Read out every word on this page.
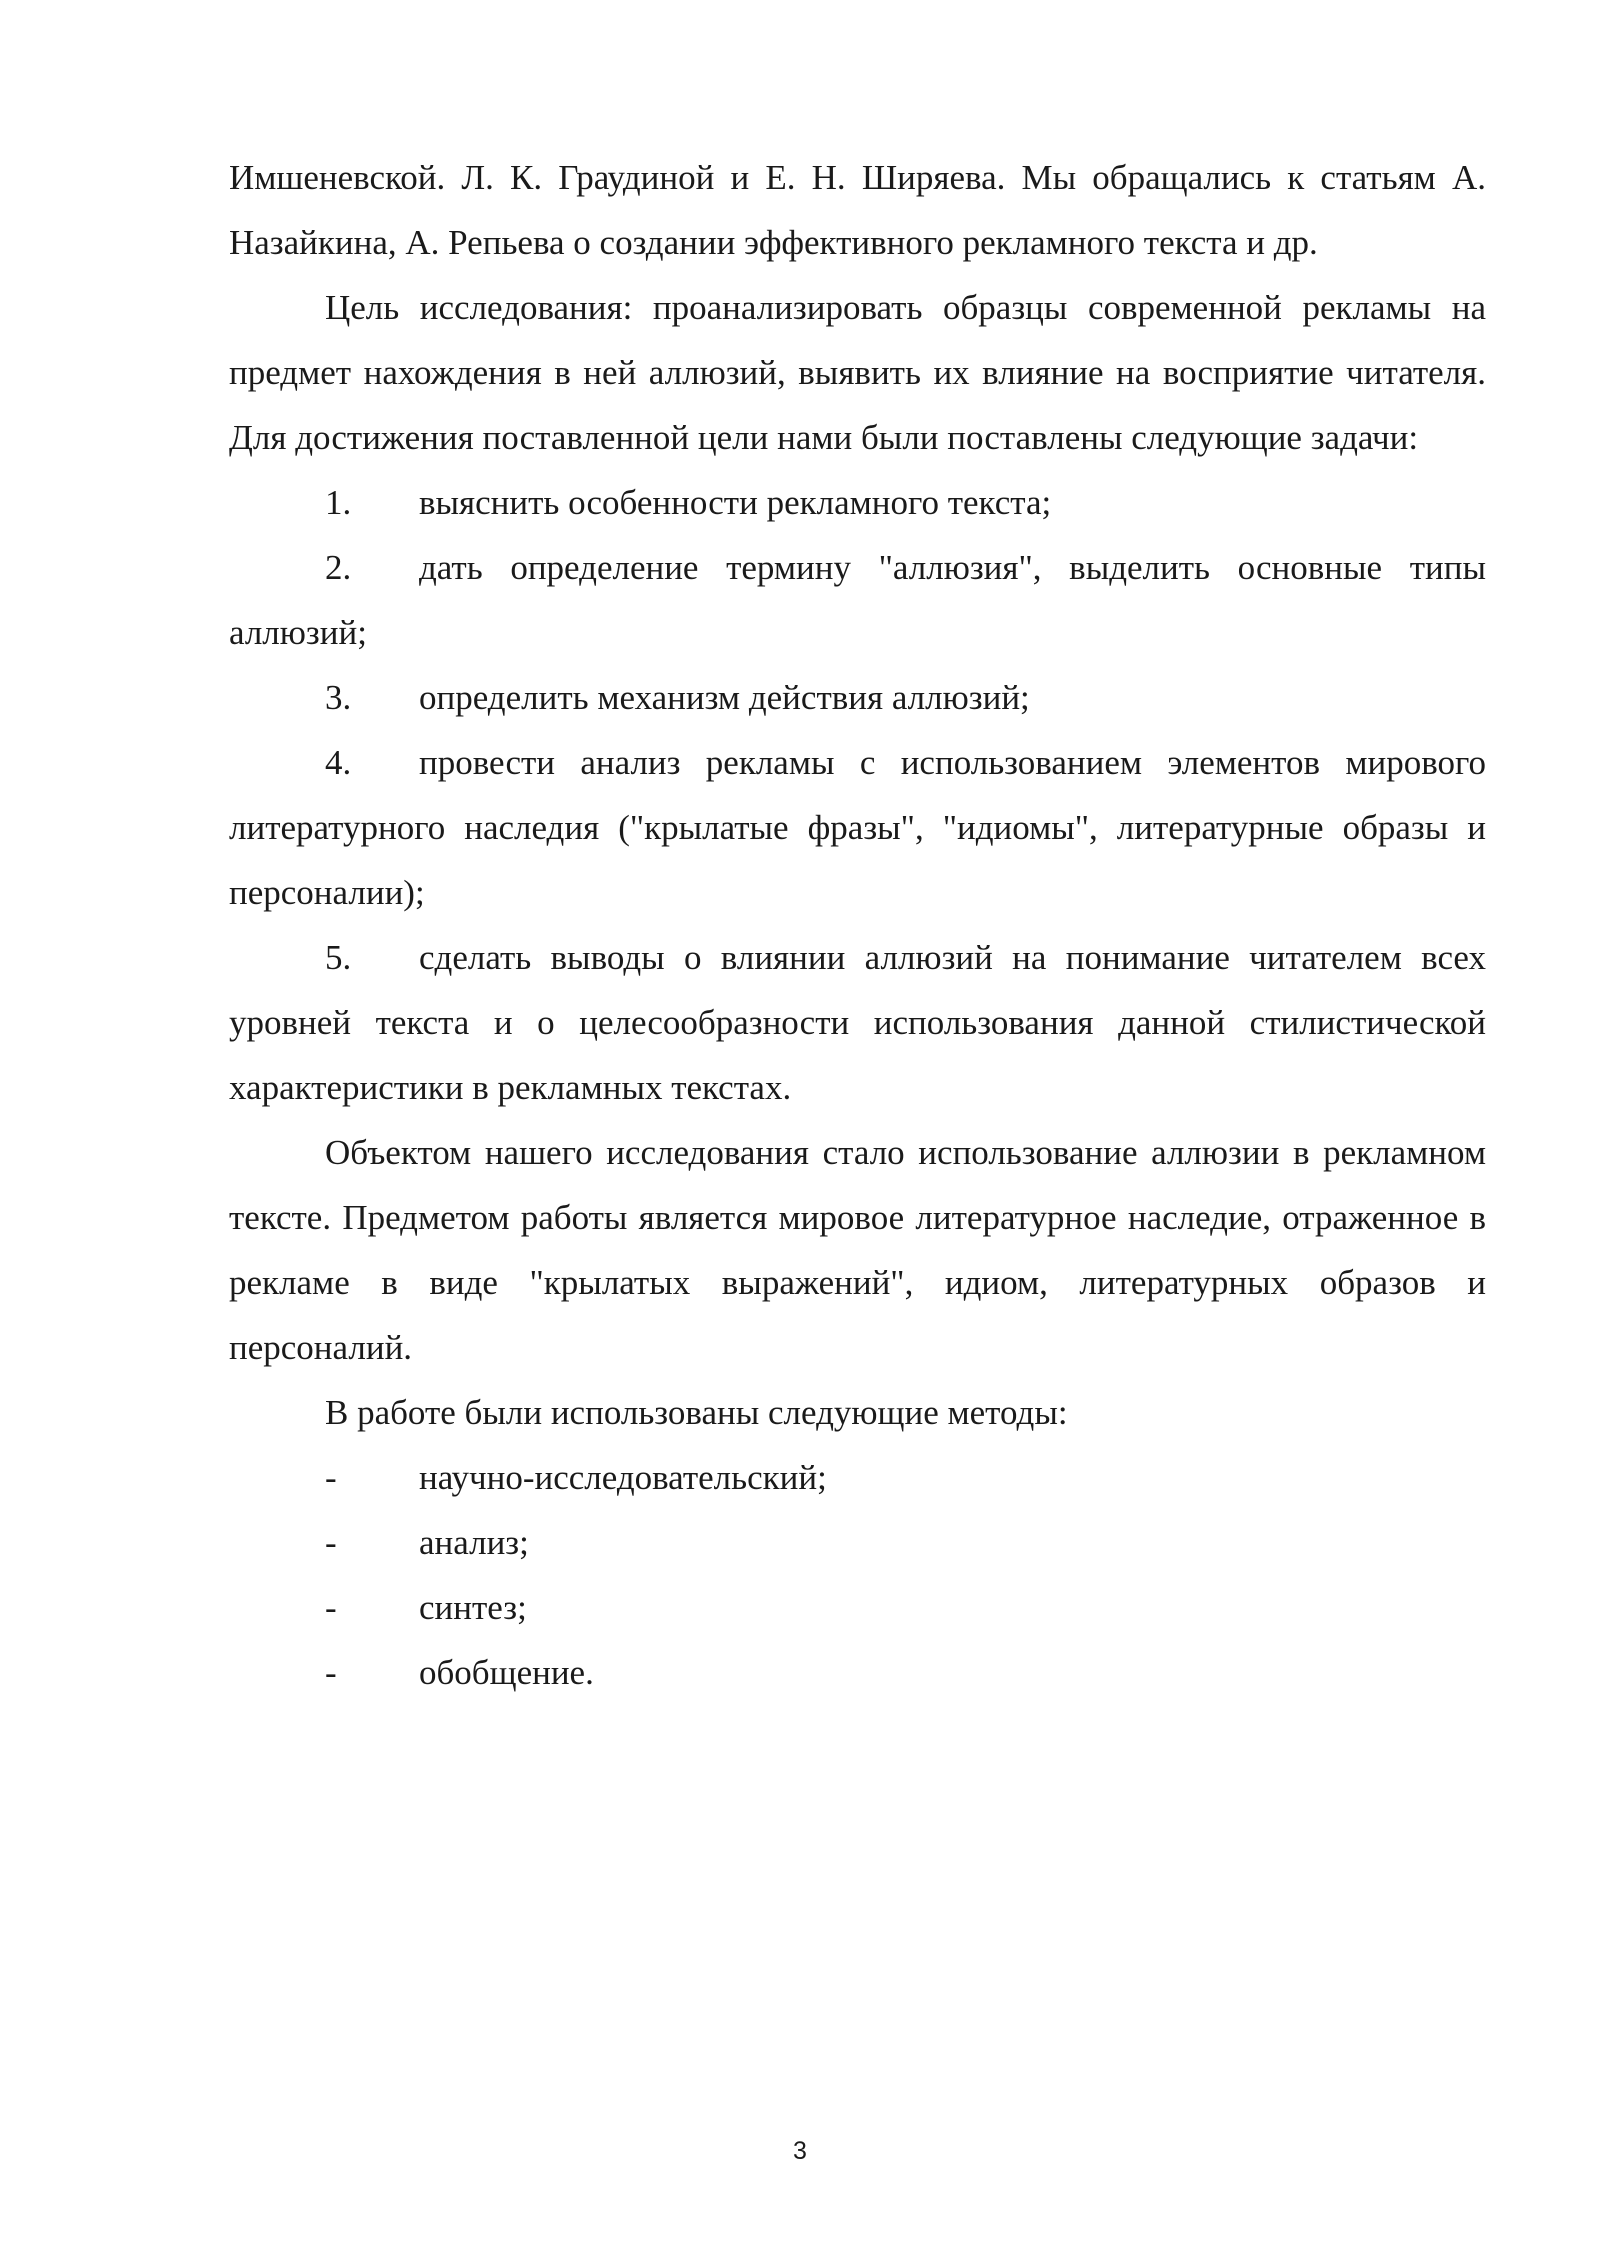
Имшеневской. Л. К. Граудиной и Е. Н. Ширяева. Мы обращались к статьям А. Назайкина, А. Репьева о создании эффективного рекламного текста и др.

Цель исследования: проанализировать образцы современной рекламы на предмет нахождения в ней аллюзий, выявить их влияние на восприятие читателя. Для достижения поставленной цели нами были поставлены следующие задачи:

1. выяснить особенности рекламного текста;

2. дать определение термину "аллюзия", выделить основные типы аллюзий;

3. определить механизм действия аллюзий;

4. провести анализ рекламы с использованием элементов мирового литературного наследия ("крылатые фразы", "идиомы", литературные образы и персоналии);

5. сделать выводы о влиянии аллюзий на понимание читателем всех уровней текста и о целесообразности использования данной стилистической характеристики в рекламных текстах.

Объектом нашего исследования стало использование аллюзии в рекламном тексте. Предметом работы является мировое литературное наследие, отраженное в рекламе в виде "крылатых выражений", идиом, литературных образов и персоналий.

В работе были использованы следующие методы:

- научно-исследовательский;

- анализ;

- синтез;

- обобщение.

3
